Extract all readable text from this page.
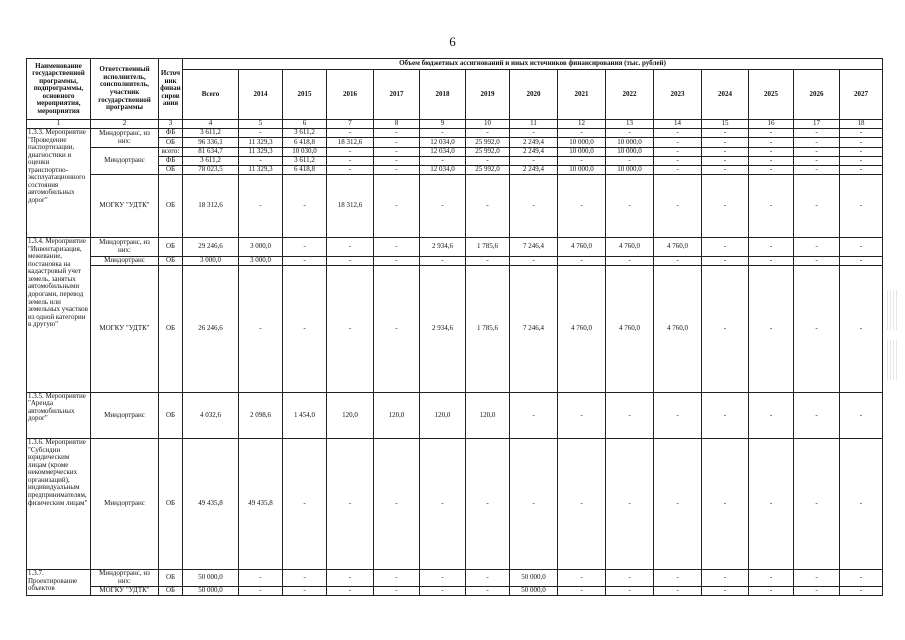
6
Наименование государственной программы, подпрограммы, основного мероприятия, мероприятия	Ответственный исполнитель, соисполнитель, участник государственной программы	Источник финансирования	Объем бюджетных ассигнований и иных источников финансирования (тыс. рублей)														
			Всего	2014	2015	2016	2017	2018	2019	2020	2021	2022	2023	2024	2025	2026	2027
1	2	3	4	5	6	7	8	9	10	11	12	13	14	15	16	17	18
1.3.3. Мероприятие "Проведение паспортизации, диагностики и оценки транспортно-эксплуатационного состояния автомобильных дорог"	Миндортранс, из них:	ФБ	3 611,2	-	3 611,2	-	-	-	-	-	-	-	-	-	-	-	-
		ОБ	96 336,1	11 329,3	6 418,8	18 312,6	-	12 034,0	25 992,0	2 249,4	10 000,0	10 000,0	-	-	-	-	-
	Миндортранс	всего:	81 634,7	11 329,3	10 030,0	-	-	12 034,0	25 992,0	2 249,4	10 000,0	10 000,0	-	-	-	-	-
		ФБ	3 611,2	-	3 611,2	-	-	-	-	-	-	-	-	-	-	-	-
		ОБ	78 023,5	11 329,3	6 418,8	-	-	12 034,0	25 992,0	2 249,4	10 000,0	10 000,0	-	-	-	-	-
	МОГКУ "УДТК"	ОБ	18 312,6	-	-	18 312,6	-	-	-	-	-	-	-	-	-	-	-
1.3.4. Мероприятие "Инвентаризация, межевание, постановка на кадастровый учет земель, занятых автомобильными дорогами, перевод земель или земельных участков из одной категории в другую"	Миндортранс, из них:	ОБ	29 246,6	3 000,0	-	-	-	2 934,6	1 785,6	7 246,4	4 760,0	4 760,0	4 760,0	-	-	-	-
	Миндортранс	ОБ	3 000,0	3 000,0	-	-	-	-	-	-	-	-	-	-	-	-	-
	МОГКУ "УДТК"	ОБ	26 246,6	-	-	-	-	2 934,6	1 785,6	7 246,4	4 760,0	4 760,0	4 760,0	-	-	-	-
1.3.5. Мероприятие "Аренда автомобильных дорог"	Миндортранс	ОБ	4 032,6	2 098,6	1 454,0	120,0	120,0	120,0	120,0	-	-	-	-	-	-	-	-
1.3.6. Мероприятие "Субсидии юридическим лицам (кроме некоммерческих организаций), индивидуальным предпринимателям, физическим лицам"	Миндортранс	ОБ	49 435,8	49 435,8	-	-	-	-	-	-	-	-	-	-	-	-	-
1.3.7. Проектирование объектов	Миндортранс, из них:	ОБ	50 000,0	-	-	-	-	-	-	50 000,0	-	-	-	-	-	-	-
	МОГКУ "УДТК"	ОБ	50 000,0	-	-	-	-	-	-	50 000,0	-	-	-	-	-	-	-
